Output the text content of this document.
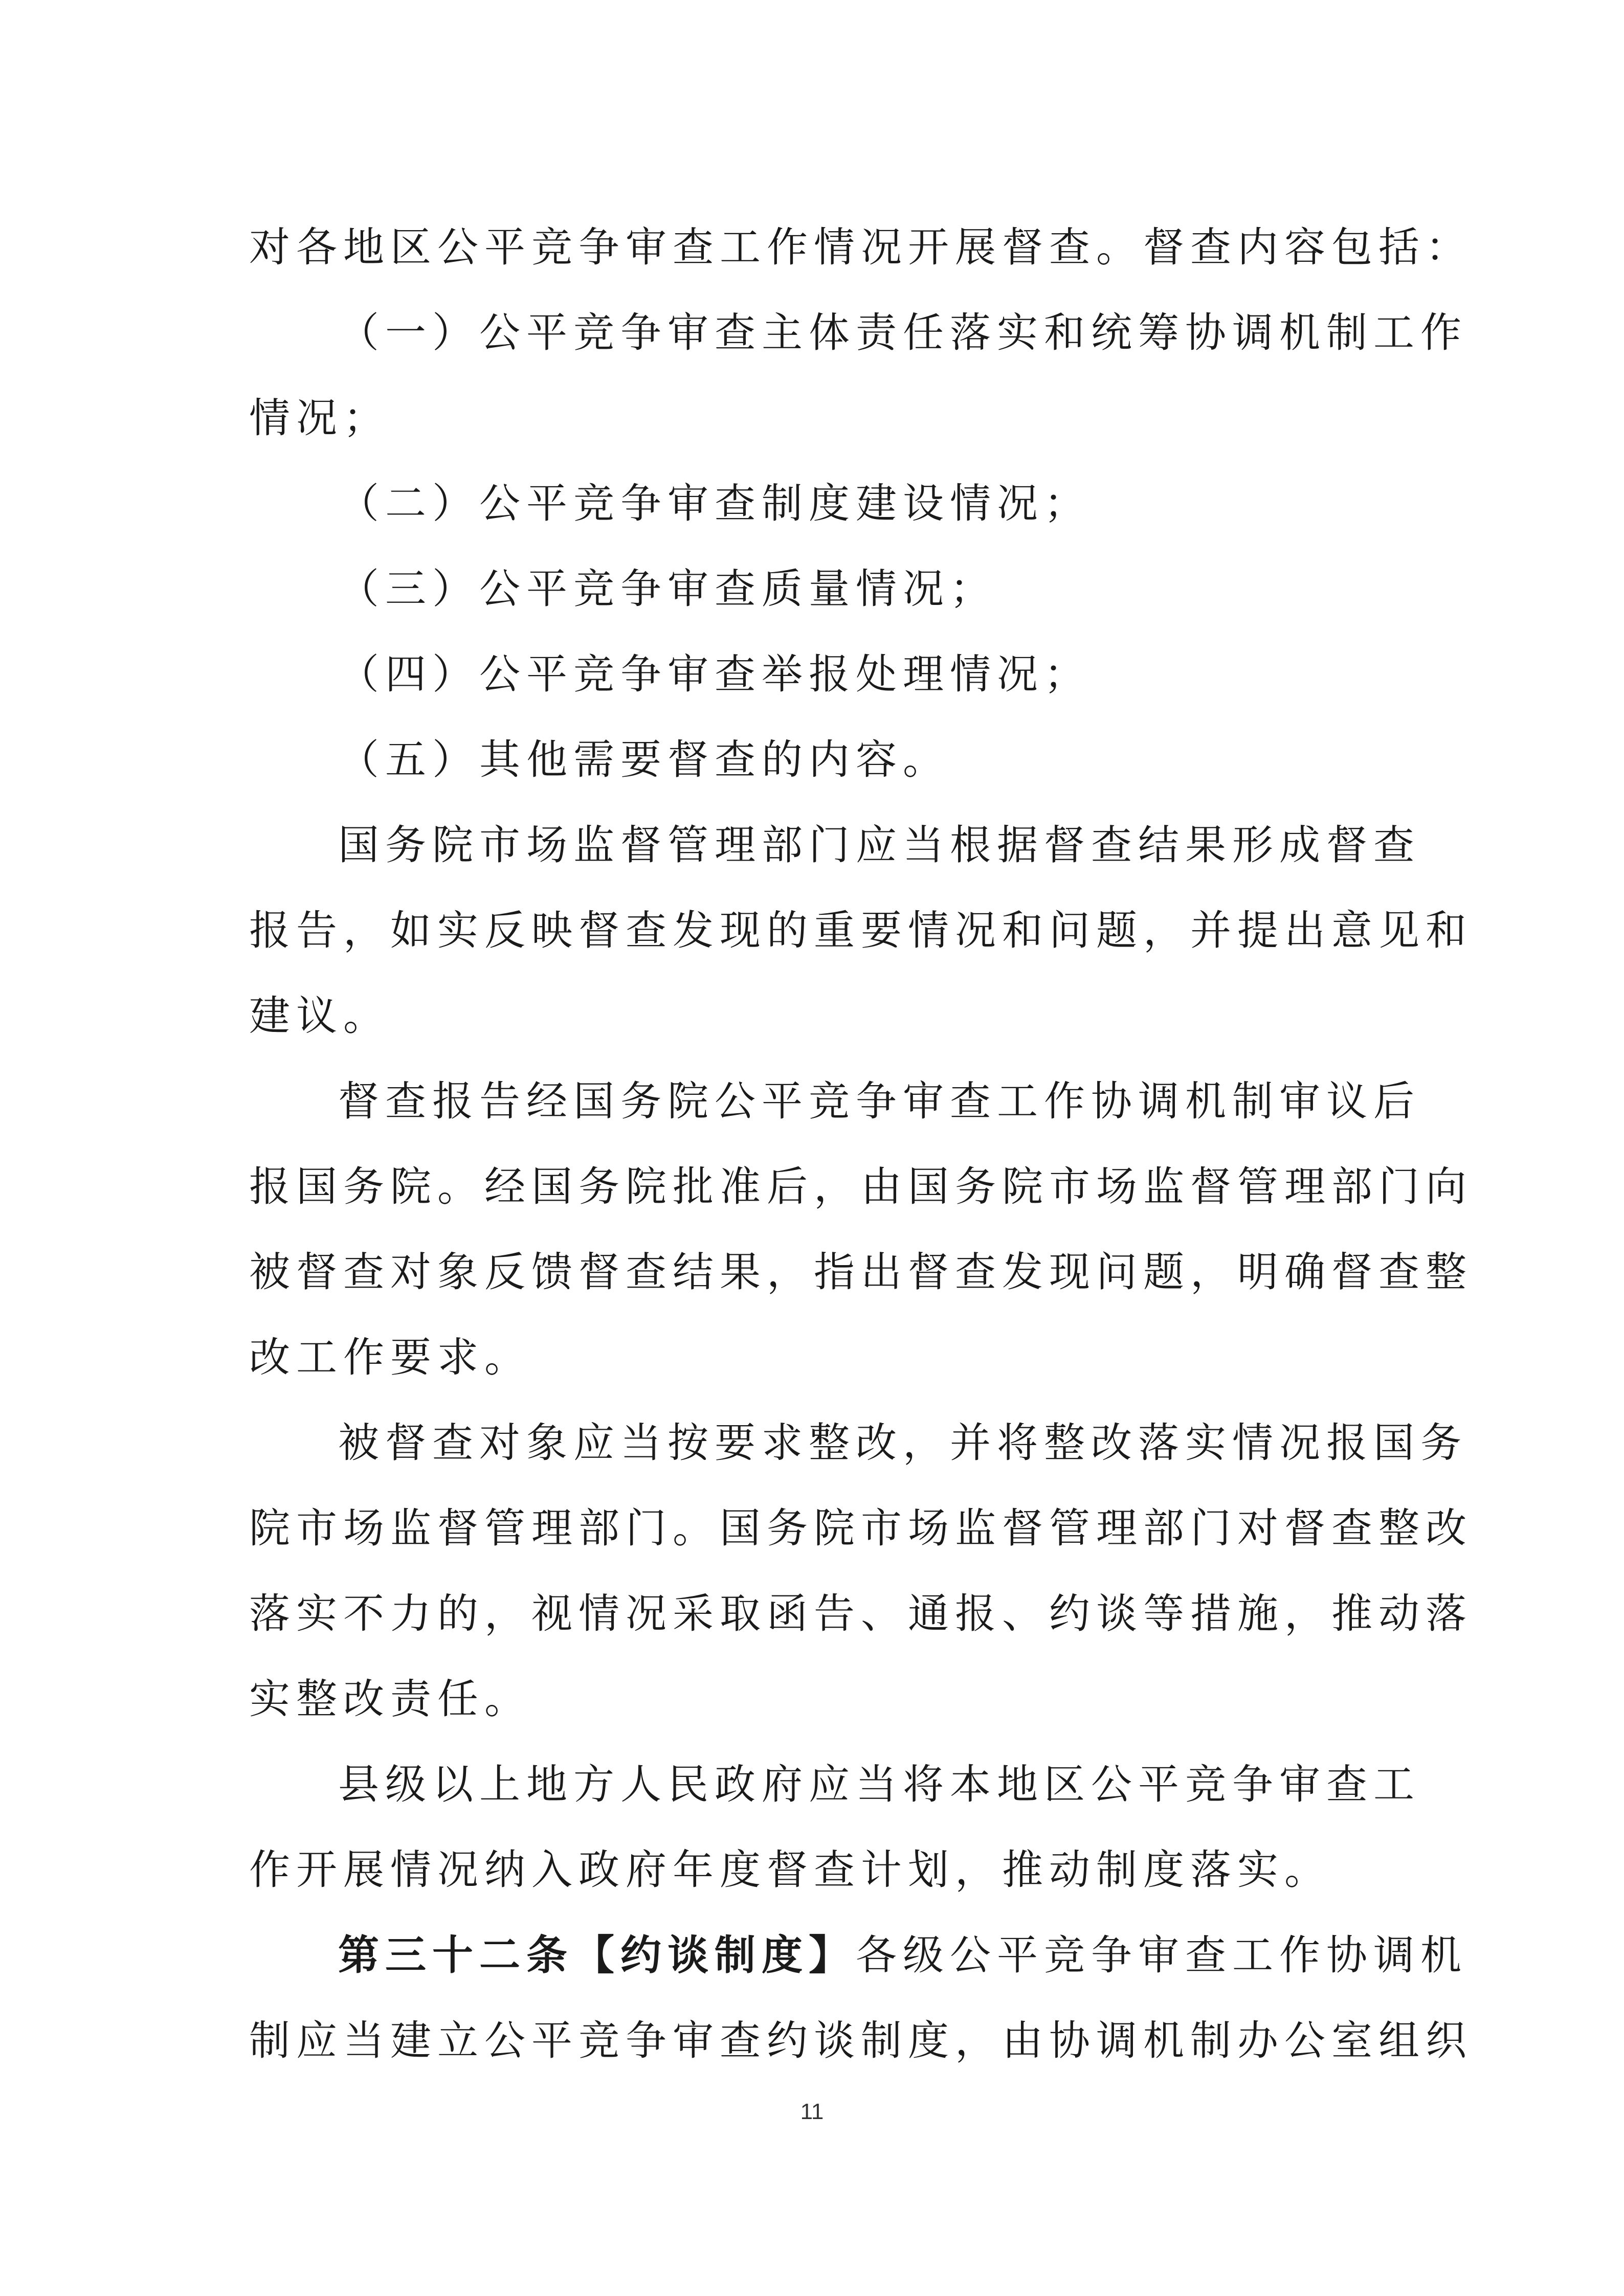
对各地区公平竞争审查工作情况开展督查。督查内容包括：
（一）公平竞争审查主体责任落实和统筹协调机制工作
情况；
（二）公平竞争审查制度建设情况；
（三）公平竞争审查质量情况；
（四）公平竞争审查举报处理情况；
（五）其他需要督查的内容。
国务院市场监督管理部门应当根据督查结果形成督查
报告，如实反映督查发现的重要情况和问题，并提出意见和
建议。
督查报告经国务院公平竞争审查工作协调机制审议后
报国务院。经国务院批准后，由国务院市场监督管理部门向
被督查对象反馈督查结果，指出督查发现问题，明确督查整
改工作要求。
被督查对象应当按要求整改，并将整改落实情况报国务
院市场监督管理部门。国务院市场监督管理部门对督查整改
落实不力的，视情况采取函告、通报、约谈等措施，推动落
实整改责任。
县级以上地方人民政府应当将本地区公平竞争审查工
作开展情况纳入政府年度督查计划，推动制度落实。
第三十二条【约谈制度】各级公平竞争审查工作协调机
制应当建立公平竞争审查约谈制度，由协调机制办公室组织
11
